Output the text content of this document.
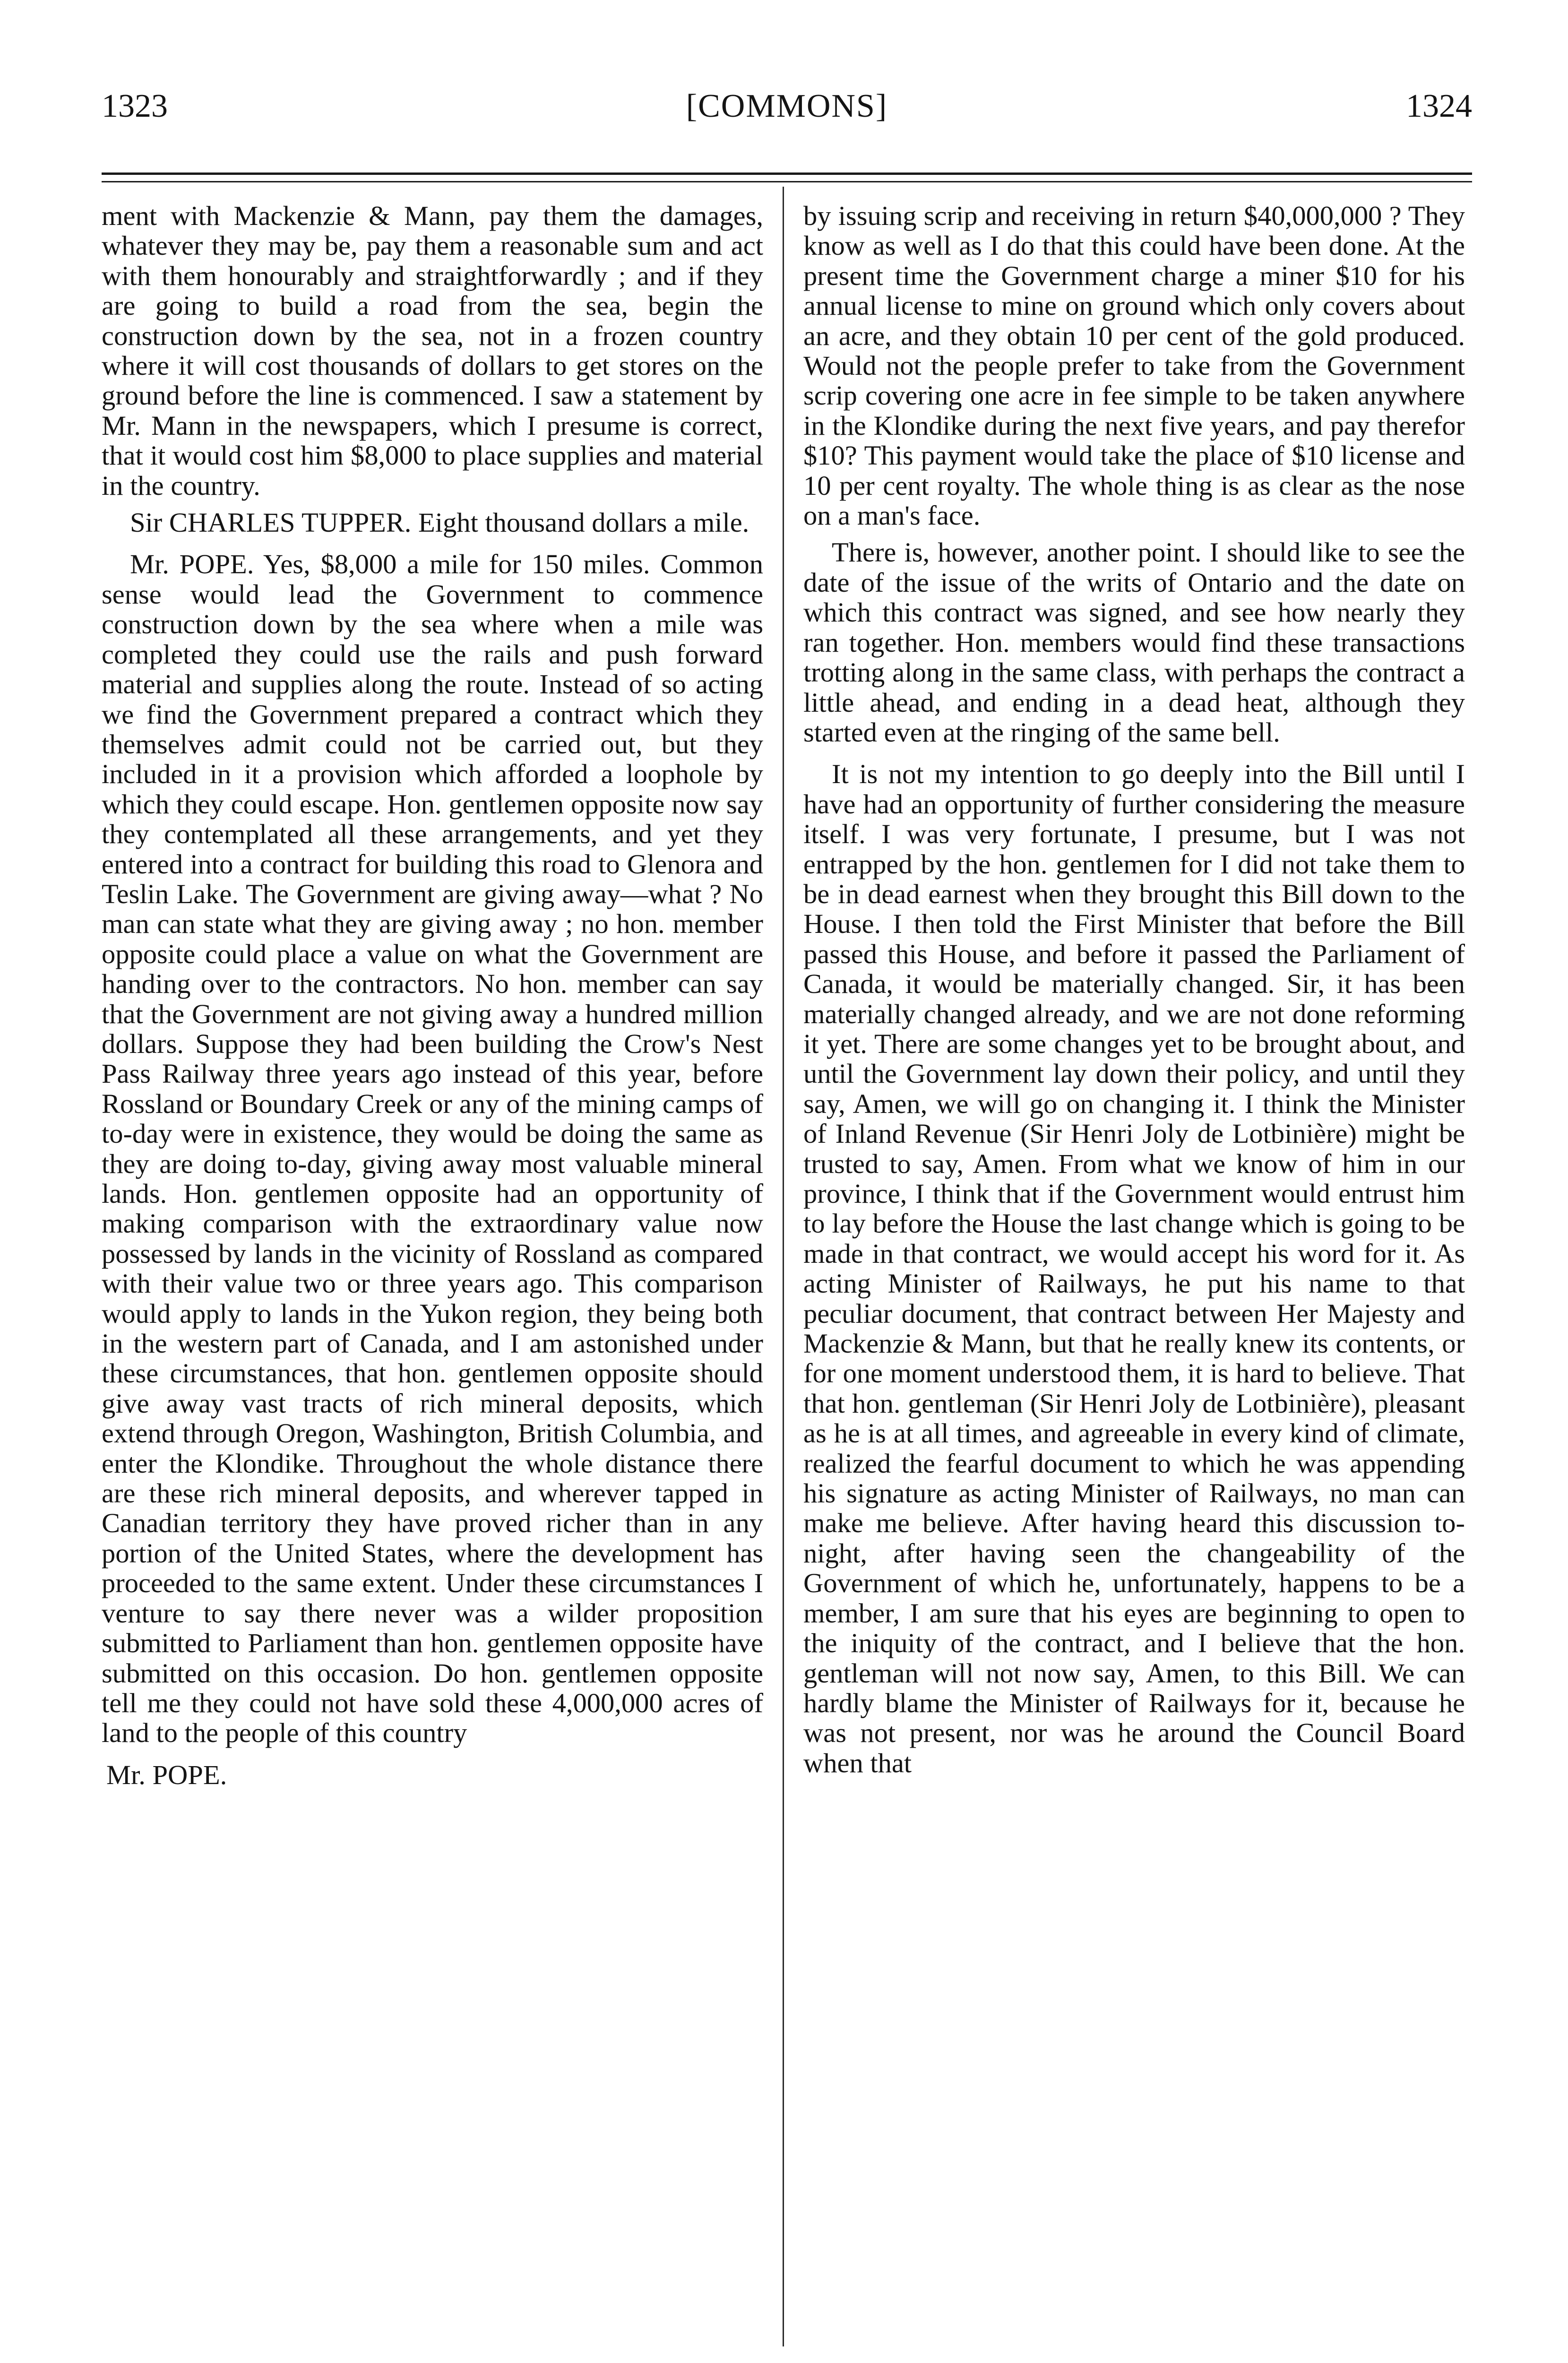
1323	[COMMONS]	1324

ment with Mackenzie & Mann, pay them the damages, whatever they may be, pay them a reasonable sum and act with them honourably and straightforwardly ; and if they are going to build a road from the sea, begin the construction down by the sea, not in a frozen country where it will cost thousands of dollars to get stores on the ground before the line is commenced. I saw a statement by Mr. Mann in the newspapers, which I presume is correct, that it would cost him $8,000 to place supplies and material in the country.

Sir CHARLES TUPPER. Eight thousand dollars a mile.

Mr. POPE. Yes, $8,000 a mile for 150 miles. Common sense would lead the Government to commence construction down by the sea where when a mile was completed they could use the rails and push forward material and supplies along the route. Instead of so acting we find the Government prepared a contract which they themselves admit could not be carried out, but they included in it a provision which afforded a loophole by which they could escape. Hon. gentlemen opposite now say they contemplated all these arrangements, and yet they entered into a contract for building this road to Glenora and Teslin Lake. The Government are giving away—what ? No man can state what they are giving away ; no hon. member opposite could place a value on what the Government are handing over to the contractors. No hon. member can say that the Government are not giving away a hundred million dollars. Suppose they had been building the Crow's Nest Pass Railway three years ago instead of this year, before Rossland or Boundary Creek or any of the mining camps of to-day were in existence, they would be doing the same as they are doing to-day, giving away most valuable mineral lands. Hon. gentlemen opposite had an opportunity of making comparison with the extraordinary value now possessed by lands in the vicinity of Rossland as compared with their value two or three years ago. This comparison would apply to lands in the Yukon region, they being both in the western part of Canada, and I am astonished under these circumstances, that hon. gentlemen opposite should give away vast tracts of rich mineral deposits, which extend through Oregon, Washington, British Columbia, and enter the Klondike. Throughout the whole distance there are these rich mineral deposits, and wherever tapped in Canadian territory they have proved richer than in any portion of the United States, where the development has proceeded to the same extent. Under these circumstances I venture to say there never was a wilder proposition submitted to Parliament than hon. gentlemen opposite have submitted on this occasion. Do hon. gentlemen opposite tell me they could not have sold these 4,000,000 acres of land to the people of this country

Mr. POPE.

by issuing scrip and receiving in return $40,000,000 ? They know as well as I do that this could have been done. At the present time the Government charge a miner $10 for his annual license to mine on ground which only covers about an acre, and they obtain 10 per cent of the gold produced. Would not the people prefer to take from the Government scrip covering one acre in fee simple to be taken anywhere in the Klondike during the next five years, and pay therefor $10? This payment would take the place of $10 license and 10 per cent royalty. The whole thing is as clear as the nose on a man's face.

There is, however, another point. I should like to see the date of the issue of the writs of Ontario and the date on which this contract was signed, and see how nearly they ran together. Hon. members would find these transactions trotting along in the same class, with perhaps the contract a little ahead, and ending in a dead heat, although they started even at the ringing of the same bell.

It is not my intention to go deeply into the Bill until I have had an opportunity of further considering the measure itself. I was very fortunate, I presume, but I was not entrapped by the hon. gentlemen for I did not take them to be in dead earnest when they brought this Bill down to the House. I then told the First Minister that before the Bill passed this House, and before it passed the Parliament of Canada, it would be materially changed. Sir, it has been materially changed already, and we are not done reforming it yet. There are some changes yet to be brought about, and until the Government lay down their policy, and until they say, Amen, we will go on changing it. I think the Minister of Inland Revenue (Sir Henri Joly de Lotbinière) might be trusted to say, Amen. From what we know of him in our province, I think that if the Government would entrust him to lay before the House the last change which is going to be made in that contract, we would accept his word for it. As acting Minister of Railways, he put his name to that peculiar document, that contract between Her Majesty and Mackenzie & Mann, but that he really knew its contents, or for one moment understood them, it is hard to believe. That that hon. gentleman (Sir Henri Joly de Lotbinière), pleasant as he is at all times, and agreeable in every kind of climate, realized the fearful document to which he was appending his signature as acting Minister of Railways, no man can make me believe. After having heard this discussion to-night, after having seen the changeability of the Government of which he, unfortunately, happens to be a member, I am sure that his eyes are beginning to open to the iniquity of the contract, and I believe that the hon. gentleman will not now say, Amen, to this Bill. We can hardly blame the Minister of Railways for it, because he was not present, nor was he around the Council Board when that
